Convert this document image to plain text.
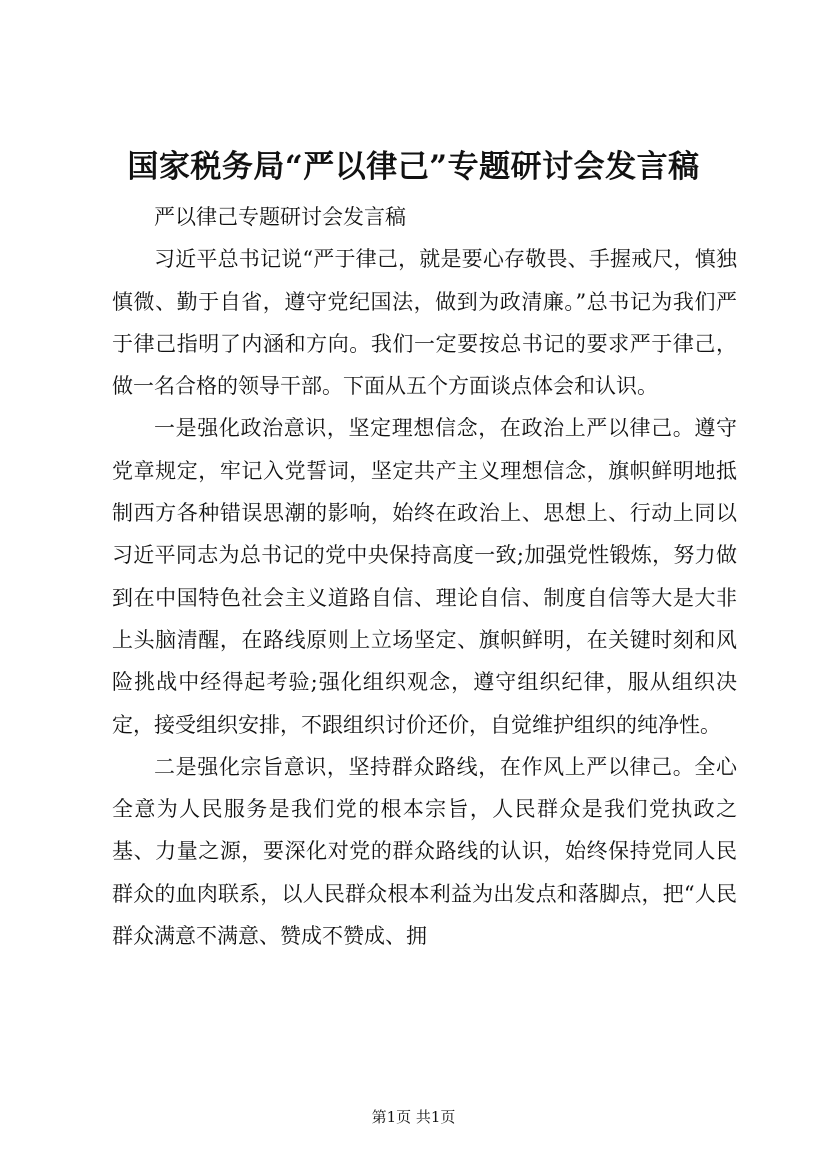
国家税务局“严以律己”专题研讨会发言稿

严以律己专题研讨会发言稿

习近平总书记说“严于律己，就是要心存敬畏、手握戒尺，慎独慎微、勤于自省，遵守党纪国法，做到为政清廉。”总书记为我们严于律己指明了内涵和方向。我们一定要按总书记的要求严于律己，做一名合格的领导干部。下面从五个方面谈点体会和认识。

一是强化政治意识，坚定理想信念，在政治上严以律己。遵守党章规定，牢记入党誓词，坚定共产主义理想信念，旗帜鲜明地抵制西方各种错误思潮的影响，始终在政治上、思想上、行动上同以习近平同志为总书记的党中央保持高度一致;加强党性锻炼，努力做到在中国特色社会主义道路自信、理论自信、制度自信等大是大非上头脑清醒，在路线原则上立场坚定、旗帜鲜明，在关键时刻和风险挑战中经得起考验;强化组织观念，遵守组织纪律，服从组织决定，接受组织安排，不跟组织讨价还价，自觉维护组织的纯净性。

二是强化宗旨意识，坚持群众路线，在作风上严以律己。全心全意为人民服务是我们党的根本宗旨，人民群众是我们党执政之基、力量之源，要深化对党的群众路线的认识，始终保持党同人民群众的血肉联系，以人民群众根本利益为出发点和落脚点，把“人民群众满意不满意、赞成不赞成、拥

第1页 共1页
